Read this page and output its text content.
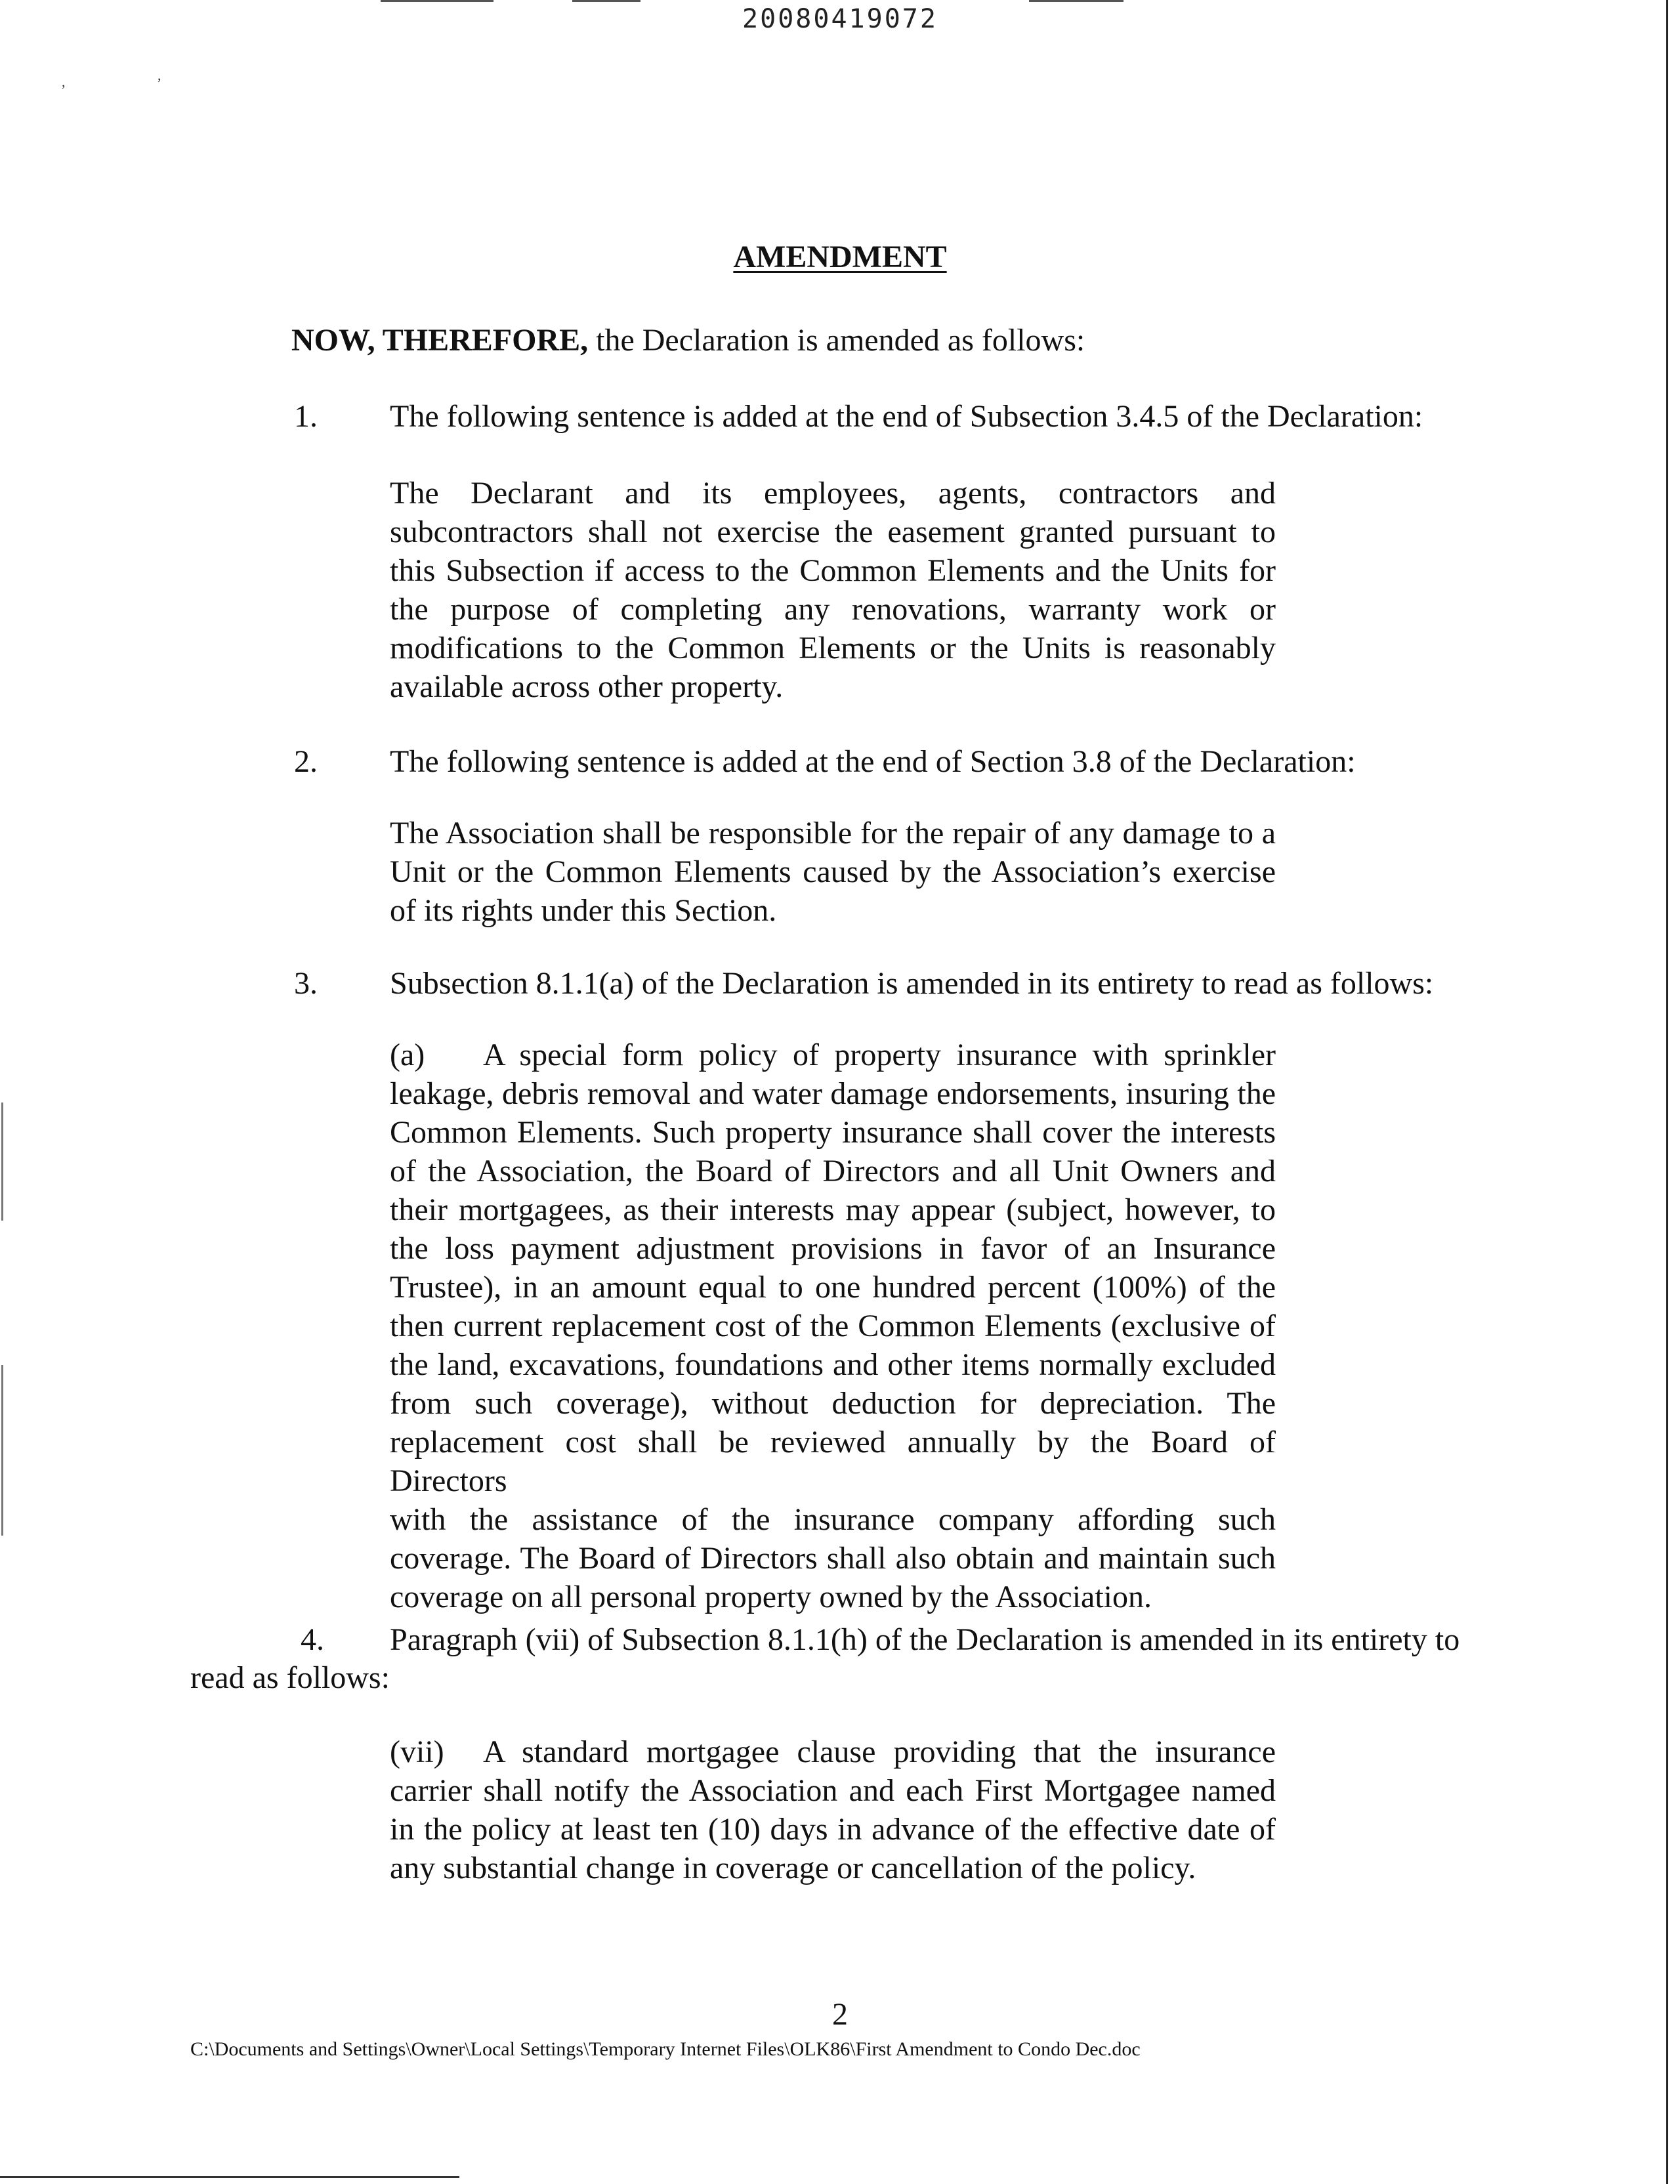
,	,
20080419072
AMENDMENT
NOW, THEREFORE, the Declaration is amended as follows:
1. The following sentence is added at the end of Subsection 3.4.5 of the Declaration:
The Declarant and its employees, agents, contractors and
subcontractors shall not exercise the easement granted pursuant to
this Subsection if access to the Common Elements and the Units for
the purpose of completing any renovations, warranty work or
modifications to the Common Elements or the Units is reasonably
available across other property.
2. The following sentence is added at the end of Section 3.8 of the Declaration:
The Association shall be responsible for the repair of any damage to a
Unit or the Common Elements caused by the Association’s exercise
of its rights under this Section.
3. Subsection 8.1.1(a) of the Declaration is amended in its entirety to read as follows:
(a)	A special form policy of property insurance with sprinkler
leakage, debris removal and water damage endorsements, insuring the
Common Elements. Such property insurance shall cover the interests
of the Association, the Board of Directors and all Unit Owners and
their mortgagees, as their interests may appear (subject, however, to
the loss payment adjustment provisions in favor of an Insurance
Trustee), in an amount equal to one hundred percent (100%) of the
then current replacement cost of the Common Elements (exclusive of
the land, excavations, foundations and other items normally excluded
from such coverage), without deduction for depreciation. The
replacement cost shall be reviewed annually by the Board of Directors
with the assistance of the insurance company affording such
coverage. The Board of Directors shall also obtain and maintain such
coverage on all personal property owned by the Association.
4. Paragraph (vii) of Subsection 8.1.1(h) of the Declaration is amended in its entirety to
read as follows:
(vii)	A standard mortgagee clause providing that the insurance
carrier shall notify the Association and each First Mortgagee named
in the policy at least ten (10) days in advance of the effective date of
any substantial change in coverage or cancellation of the policy.
2
C:\Documents and Settings\Owner\Local Settings\Temporary Internet Files\OLK86\First Amendment to Condo Dec.doc
